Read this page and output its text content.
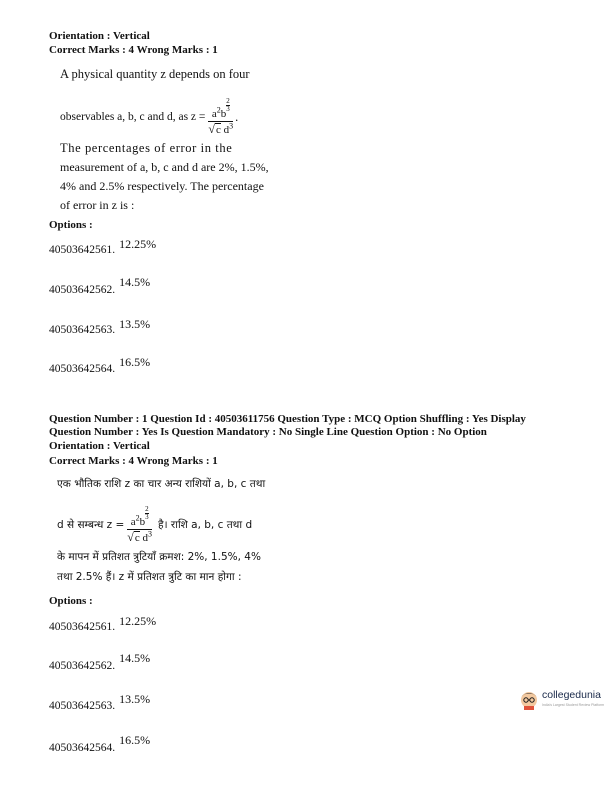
Orientation : Vertical
Correct Marks : 4 Wrong Marks : 1
A physical quantity z depends on four
observables a, b, c and d, as $z = a^2b$
$\frac{2}{3}$
√c $d^3$ .
The percentages of error in the
measurement of a, b, c and d are 2%, 1.5%,
4% and 2.5% respectively. The percentage
of error in z is :
Options :
40503642561. $^{12.25\%}$
40503642562. $^{14.5\%}$
40503642563. $^{13.5\%}$
40503642564. $^{16.5\%}$
Question Number : 1 Question Id : 40503611756 Question Type : MCQ Option Shuffling : Yes Display
Question Number : Yes Is Question Mandatory : No Single Line Question Option : No Option
Orientation : Vertical
Correct Marks : 4 Wrong Marks : 1
एक भौतिक राशि z का चार अन्य राशियों a, b, c तथा
d से सम्बन्ध $z = a^2b$
$\frac{2}{3}$
√c $d^3$ है। राशि a, b, c तथा d
के मापन में प्रतिशत त्रुटियाँ क्रमश: 2%, 1.5%, 4%
तथा 2.5% हैं। z में प्रतिशत त्रुटि का मान होगा :
Options :
40503642561. $^{12.25\%}$
40503642562. $^{14.5\%}$
40503642563. $^{13.5\%}$
40503642564. $^{16.5\%}$
collegedunia
India's Largest Student Review Platform
